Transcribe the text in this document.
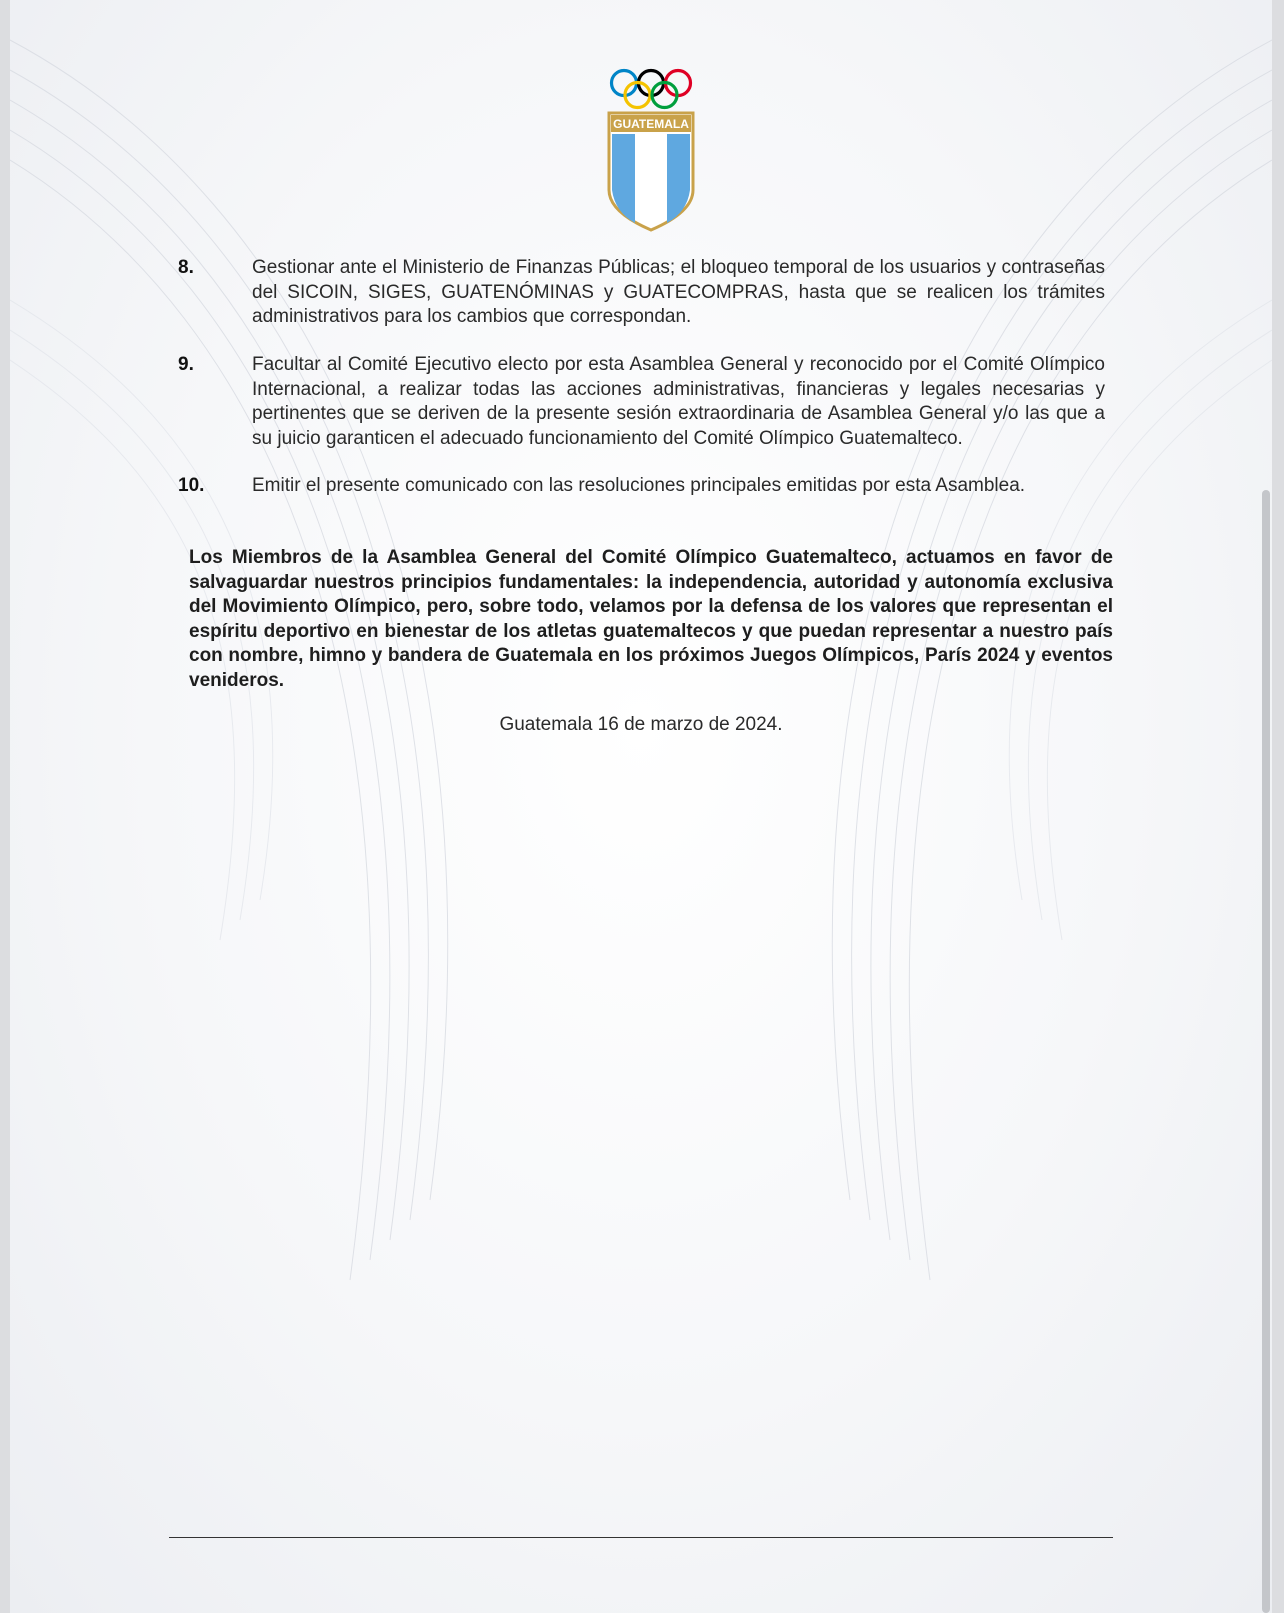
GUATEMALA
8.	Gestionar ante el Ministerio de Finanzas Públicas; el bloqueo temporal de los usuarios y contraseñas del SICOIN, SIGES, GUATENÓMINAS y GUATECOMPRAS, hasta que se realicen los trámites administrativos para los cambios que correspondan.
9.	Facultar al Comité Ejecutivo electo por esta Asamblea General y reconocido por el Comité Olímpico Internacional, a realizar todas las acciones administrativas, financieras y legales necesarias y pertinentes que se deriven de la presente sesión extraordinaria de Asamblea General y/o las que a su juicio garanticen el adecuado funcionamiento del Comité Olímpico Guatemalteco.
10.	Emitir el presente comunicado con las resoluciones principales emitidas por esta Asamblea.
Los Miembros de la Asamblea General del Comité Olímpico Guatemalteco, actuamos en favor de salvaguardar nuestros principios fundamentales: la independencia, autoridad y autonomía exclusiva del Movimiento Olímpico, pero, sobre todo, velamos por la defensa de los valores que representan el espíritu deportivo en bienestar de los atletas guatemaltecos y que puedan representar a nuestro país con nombre, himno y bandera de Guatemala en los próximos Juegos Olímpicos, París 2024 y eventos venideros.
Guatemala 16 de marzo de 2024.
